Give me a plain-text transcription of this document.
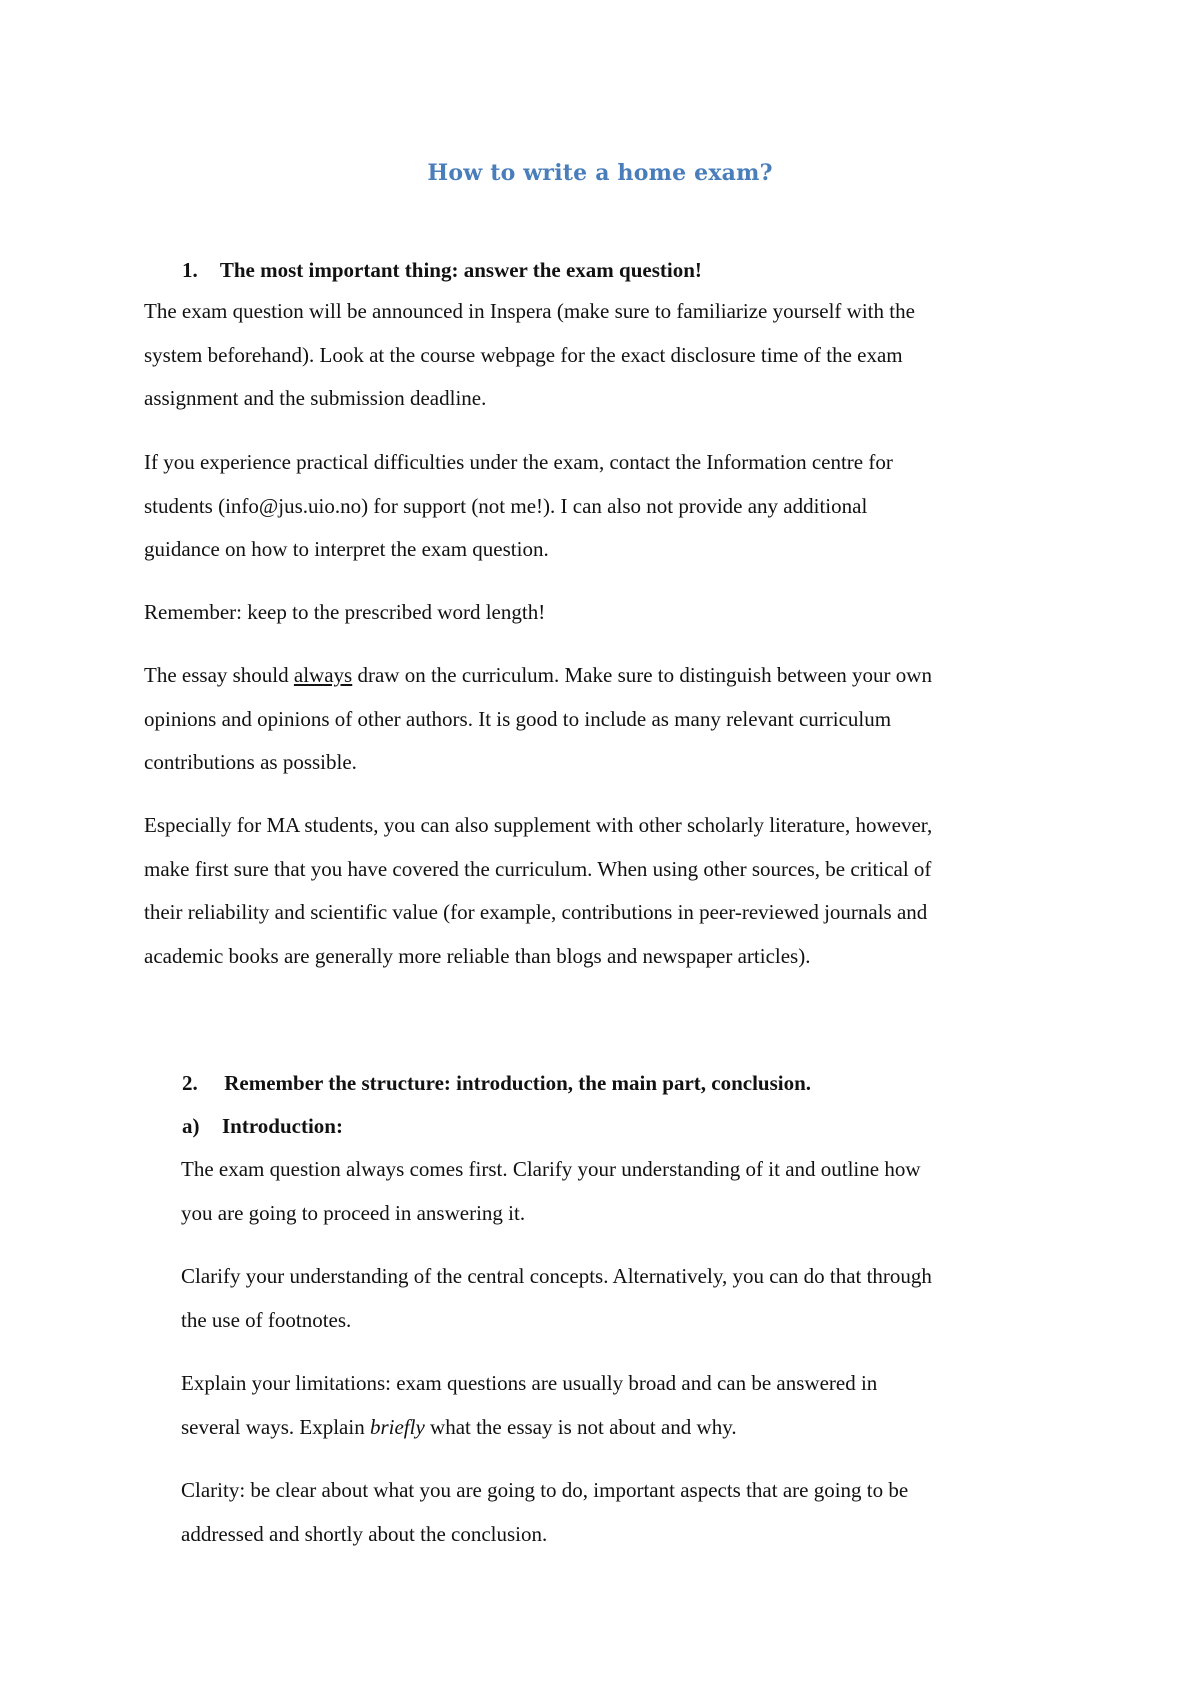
How to write a home exam?
1. The most important thing: answer the exam question!
The exam question will be announced in Inspera (make sure to familiarize yourself with the
system beforehand). Look at the course webpage for the exact disclosure time of the exam
assignment and the submission deadline.
If you experience practical difficulties under the exam, contact the Information centre for
students (info@jus.uio.no) for support (not me!). I can also not provide any additional
guidance on how to interpret the exam question.
Remember: keep to the prescribed word length!
The essay should always draw on the curriculum. Make sure to distinguish between your own
opinions and opinions of other authors. It is good to include as many relevant curriculum
contributions as possible.
Especially for MA students, you can also supplement with other scholarly literature, however,
make first sure that you have covered the curriculum. When using other sources, be critical of
their reliability and scientific value (for example, contributions in peer-reviewed journals and
academic books are generally more reliable than blogs and newspaper articles).
2. Remember the structure: introduction, the main part, conclusion.
a) Introduction:
The exam question always comes first. Clarify your understanding of it and outline how
you are going to proceed in answering it.
Clarify your understanding of the central concepts. Alternatively, you can do that through
the use of footnotes.
Explain your limitations: exam questions are usually broad and can be answered in
several ways. Explain briefly what the essay is not about and why.
Clarity: be clear about what you are going to do, important aspects that are going to be
addressed and shortly about the conclusion.
